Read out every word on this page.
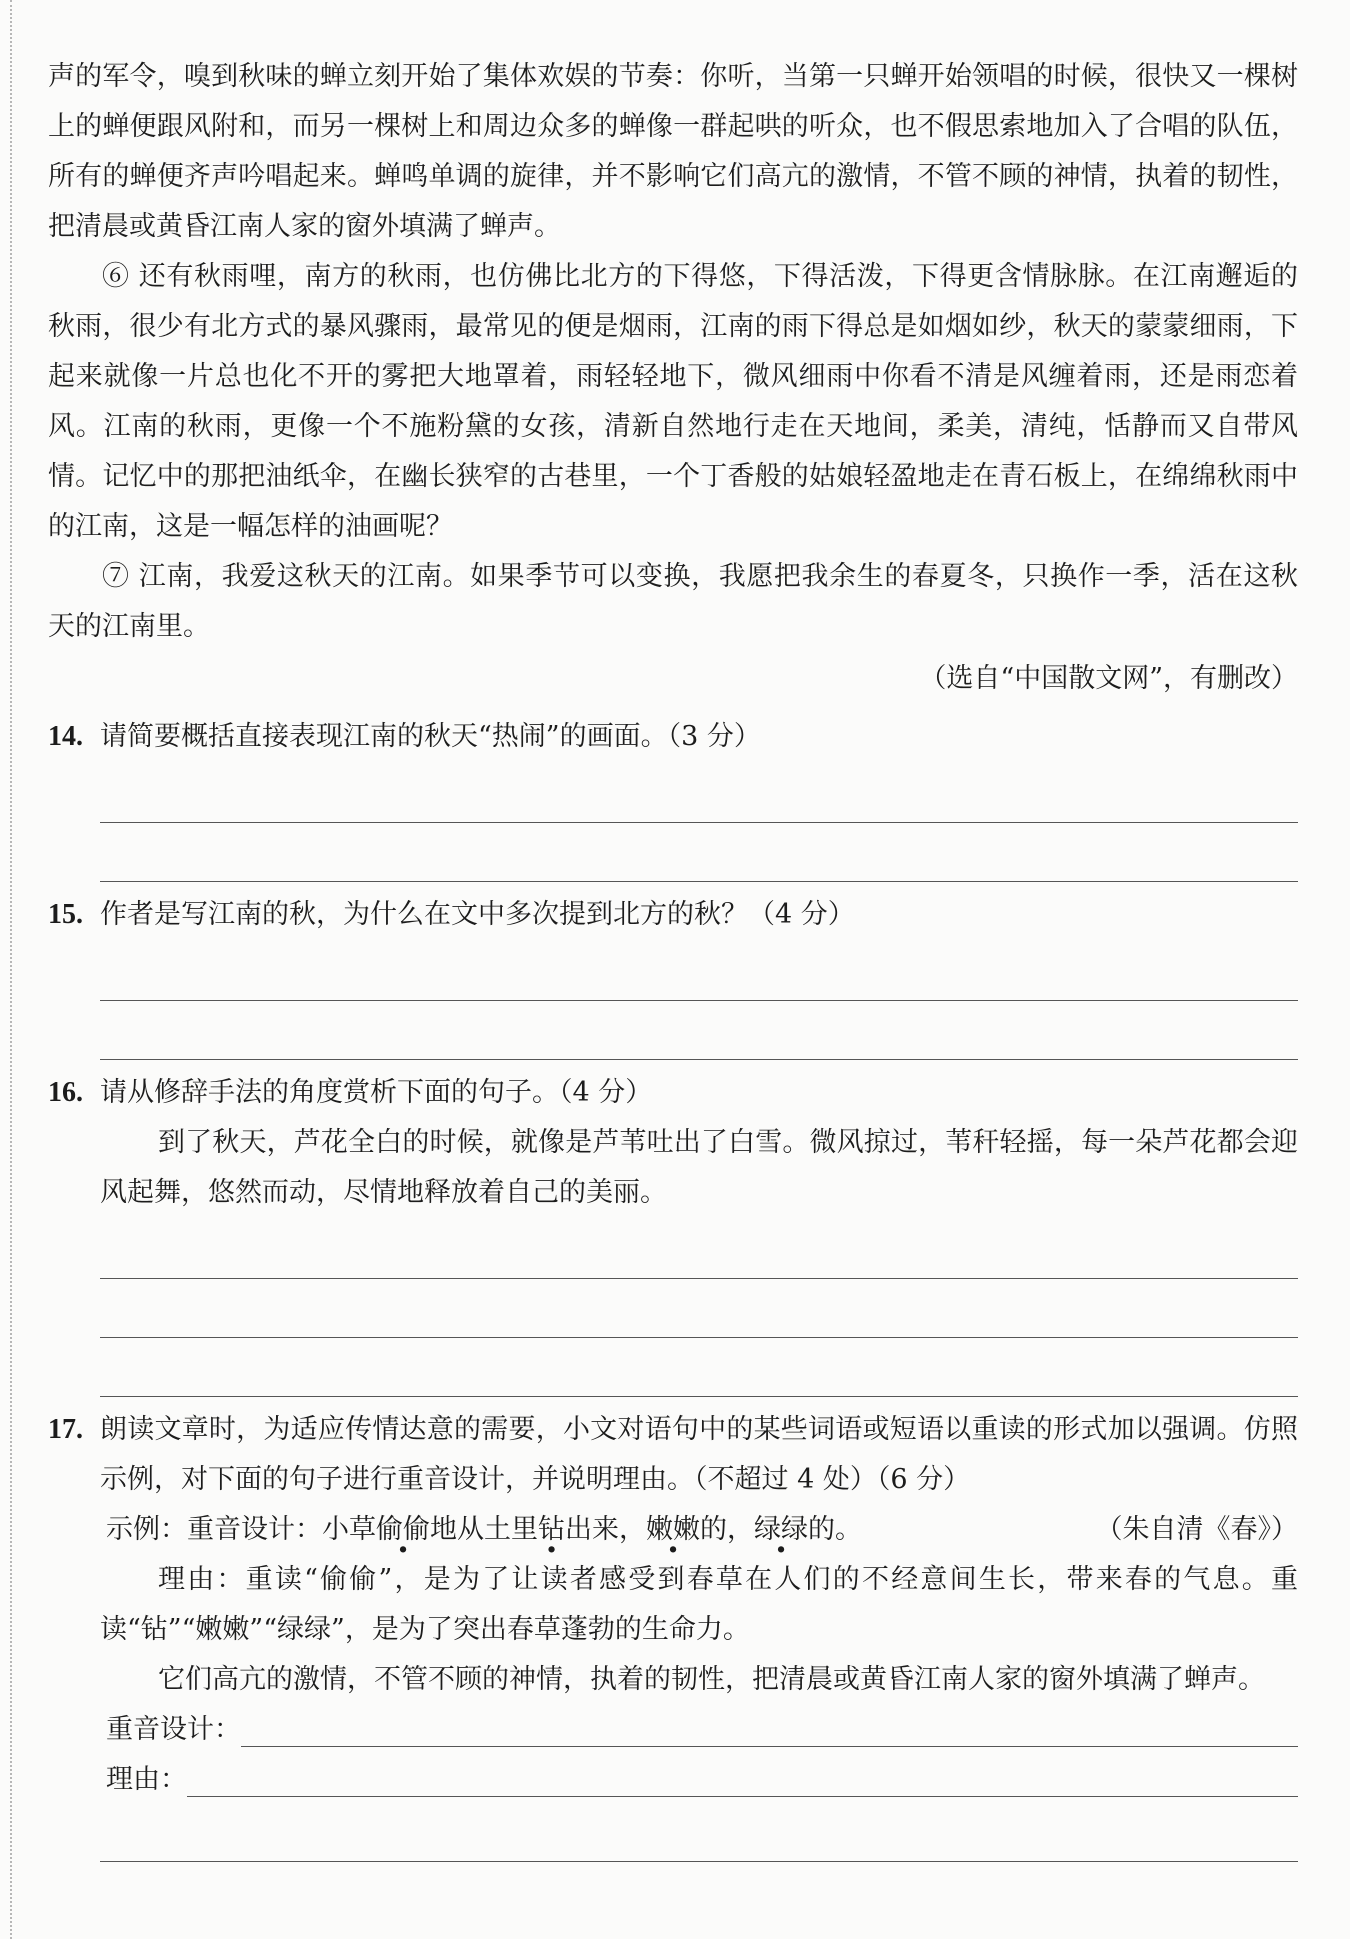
声的军令，嗅到秋味的蝉立刻开始了集体欢娱的节奏：你听，当第一只蝉开始领唱的时候，很快又一棵树上的蝉便跟风附和，而另一棵树上和周边众多的蝉像一群起哄的听众，也不假思索地加入了合唱的队伍，所有的蝉便齐声吟唱起来。蝉鸣单调的旋律，并不影响它们高亢的激情，不管不顾的神情，执着的韧性，把清晨或黄昏江南人家的窗外填满了蝉声。

⑥ 还有秋雨哩，南方的秋雨，也仿佛比北方的下得悠，下得活泼，下得更含情脉脉。在江南邂逅的秋雨，很少有北方式的暴风骤雨，最常见的便是烟雨，江南的雨下得总是如烟如纱，秋天的蒙蒙细雨，下起来就像一片总也化不开的雾把大地罩着，雨轻轻地下，微风细雨中你看不清是风缠着雨，还是雨恋着风。江南的秋雨，更像一个不施粉黛的女孩，清新自然地行走在天地间，柔美，清纯，恬静而又自带风情。记忆中的那把油纸伞，在幽长狭窄的古巷里，一个丁香般的姑娘轻盈地走在青石板上，在绵绵秋雨中的江南，这是一幅怎样的油画呢？

⑦ 江南，我爱这秋天的江南。如果季节可以变换，我愿把我余生的春夏冬，只换作一季，活在这秋天的江南里。

（选自“中国散文网”，有删改）

14. 请简要概括直接表现江南的秋天“热闹”的画面。（3 分）
15. 作者是写江南的秋，为什么在文中多次提到北方的秋？（4 分）
16. 请从修辞手法的角度赏析下面的句子。（4 分）

到了秋天，芦花全白的时候，就像是芦苇吐出了白雪。微风掠过，苇秆轻摇，每一朵芦花都会迎风起舞，悠然而动，尽情地释放着自己的美丽。

17. 朗读文章时，为适应传情达意的需要，小文对语句中的某些词语或短语以重读的形式加以强调。仿照示例，对下面的句子进行重音设计，并说明理由。（不超过 4 处）（6 分）
示例：重音设计：小草偷偷地从土里钻出来，嫩嫩的，绿绿的。	（朱自清《春》）

理由：重读“偷偷”，是为了让读者感受到春草在人们的不经意间生长，带来春的气息。重读“钻”“嫩嫩”“绿绿”，是为了突出春草蓬勃的生命力。

它们高亢的激情，不管不顾的神情，执着的韧性，把清晨或黄昏江南人家的窗外填满了蝉声。

重音设计：
理由：
